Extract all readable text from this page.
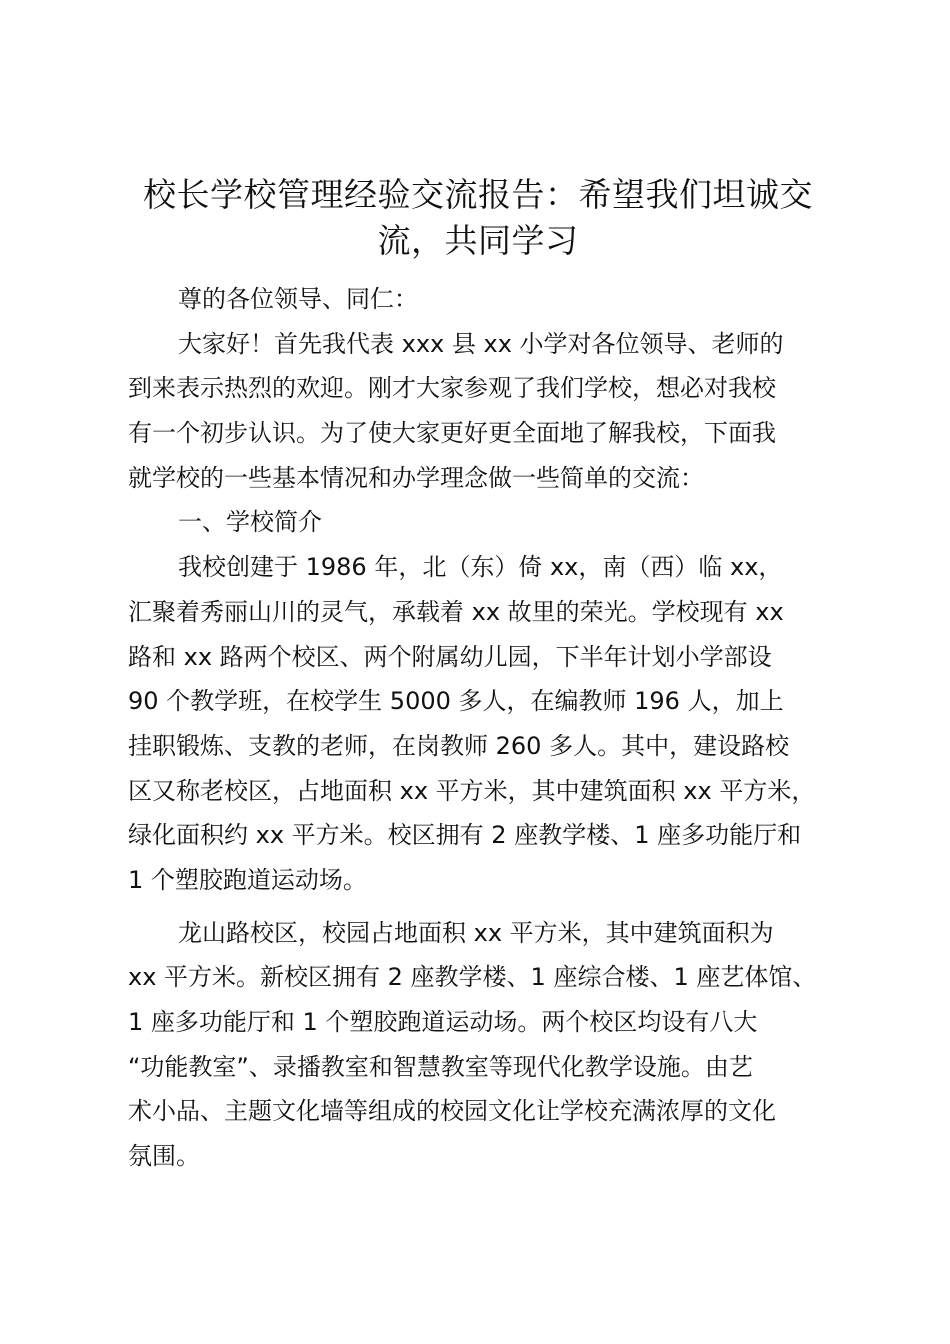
校长学校管理经验交流报告：希望我们坦诚交
流，共同学习
尊的各位领导、同仁：
大家好！首先我代表 xxx 县 xx 小学对各位领导、老师的
到来表示热烈的欢迎。刚才大家参观了我们学校，想必对我校
有一个初步认识。为了使大家更好更全面地了解我校，下面我
就学校的一些基本情况和办学理念做一些简单的交流：
一、学校简介
我校创建于 1986 年，北（东）倚 xx，南（西）临 xx，
汇聚着秀丽山川的灵气，承载着 xx 故里的荣光。学校现有 xx
路和 xx 路两个校区、两个附属幼儿园，下半年计划小学部设
90 个教学班，在校学生 5000 多人，在编教师 196 人，加上
挂职锻炼、支教的老师，在岗教师 260 多人。其中，建设路校
区又称老校区，占地面积 xx 平方米，其中建筑面积 xx 平方米，
绿化面积约 xx 平方米。校区拥有 2 座教学楼、1 座多功能厅和
1 个塑胶跑道运动场。
龙山路校区，校园占地面积 xx 平方米，其中建筑面积为
xx 平方米。新校区拥有 2 座教学楼、1 座综合楼、1 座艺体馆、
1 座多功能厅和 1 个塑胶跑道运动场。两个校区均设有八大
“功能教室”、录播教室和智慧教室等现代化教学设施。由艺
术小品、主题文化墙等组成的校园文化让学校充满浓厚的文化
氛围。
